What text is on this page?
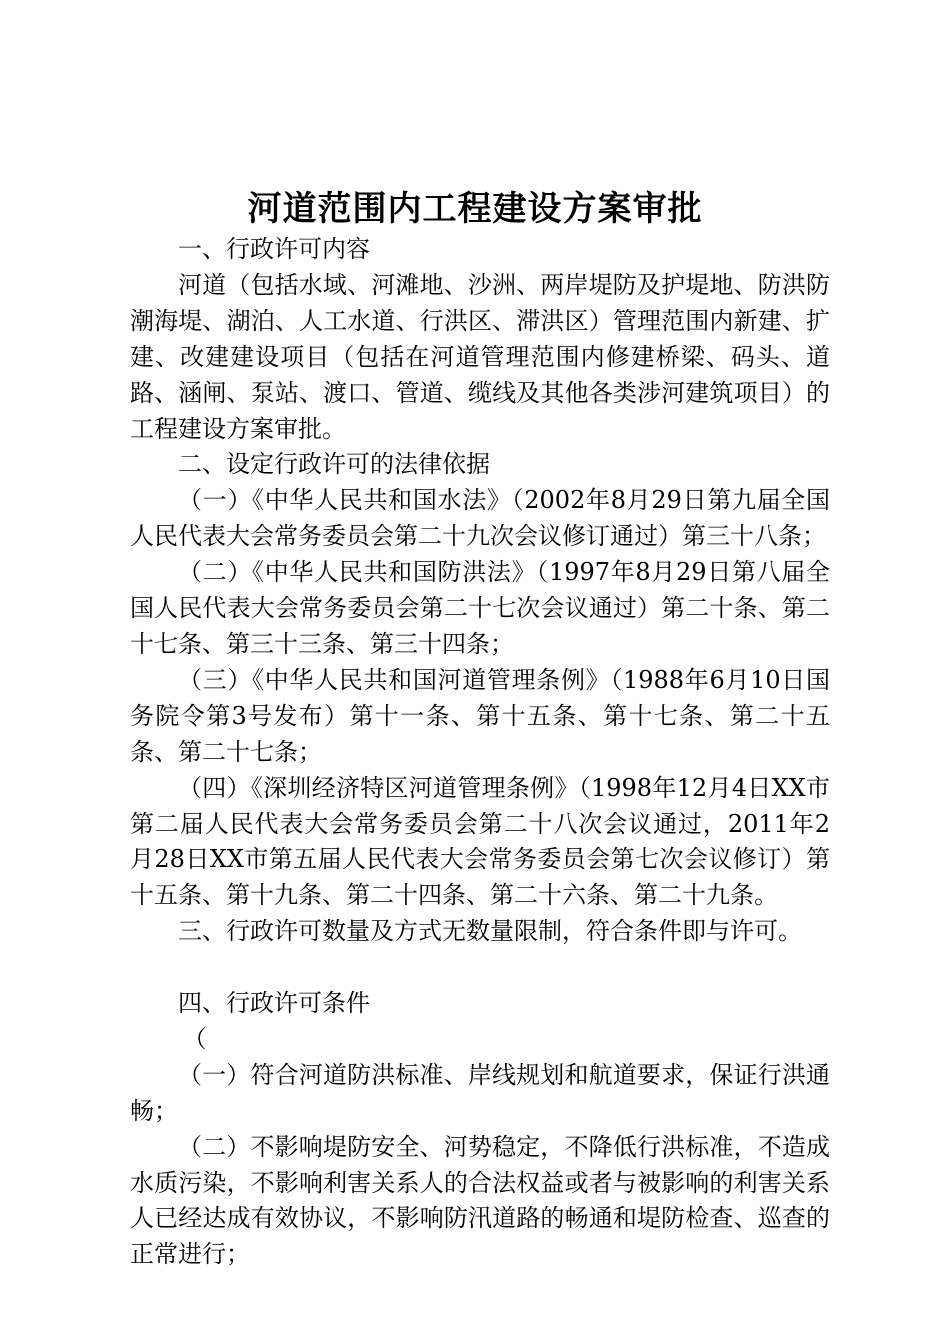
河道范围内工程建设方案审批

一、行政许可内容

河道（包括水域、河滩地、沙洲、两岸堤防及护堤地、防洪防潮海堤、湖泊、人工水道、行洪区、滞洪区）管理范围内新建、扩建、改建建设项目（包括在河道管理范围内修建桥梁、码头、道路、涵闸、泵站、渡口、管道、缆线及其他各类涉河建筑项目）的工程建设方案审批。

二、设定行政许可的法律依据

（一）《中华人民共和国水法》（2002年8月29日第九届全国人民代表大会常务委员会第二十九次会议修订通过）第三十八条；

（二）《中华人民共和国防洪法》（1997年8月29日第八届全国人民代表大会常务委员会第二十七次会议通过）第二十条、第二十七条、第三十三条、第三十四条；

（三）《中华人民共和国河道管理条例》（1988年6月10日国务院令第3号发布）第十一条、第十五条、第十七条、第二十五条、第二十七条；

（四）《深圳经济特区河道管理条例》（1998年12月4日XX市第二届人民代表大会常务委员会第二十八次会议通过，2011年2月28日XX市第五届人民代表大会常务委员会第七次会议修订）第十五条、第十九条、第二十四条、第二十六条、第二十九条。

三、行政许可数量及方式无数量限制，符合条件即与许可。

四、行政许可条件

（

（一）符合河道防洪标准、岸线规划和航道要求，保证行洪通畅；

（二）不影响堤防安全、河势稳定，不降低行洪标准，不造成水质污染，不影响利害关系人的合法权益或者与被影响的利害关系人已经达成有效协议，不影响防汛道路的畅通和堤防检查、巡查的正常进行；
